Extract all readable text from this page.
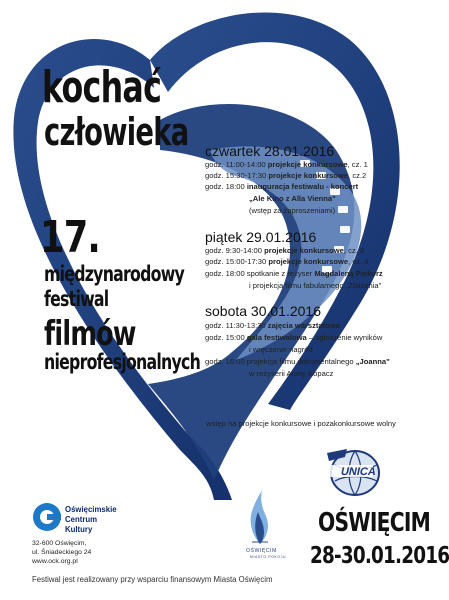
kochać
człowieka
17.
międzynarodowy
festiwal
filmów
nieprofesjonalnych
czwartek 28.01.2016
godz. 11:00-14:00 projekcje konkursowe, cz. 1
godz. 15:30-17:30 projekcje konkursowe, cz.2
godz. 18:00 inauguracja festiwalu - koncert
„Ale Kino z Alla Vienna"
(wstęp za zaproszeniami)
piątek 29.01.2016
godz. 9:30-14:00 projekcje konkursowe, cz. 3
godz. 15:00-17:30 projekcje konkursowe, cz. 4
godz. 18:00 spotkanie z reżyser Magdaleną Piekorz
i projekcja filmu fabularnego „Zbliżenia"
sobota 30.01.2016
godz. 11:30-13:30 zajęcia warsztatowe
godz. 15:00 gala festiwalowa – ogłoszenie wyników
i wręczenie nagród
godz. 16:00 projekcja filmu dokumentalnego „Joanna"
w reżyserii Anety Kopacz
wstęp na projekcje konkursowe i pozakonkursowe wolny
Oświęcimskie
Centrum
Kultury
32-600 Oświęcim,
ul. Śniadeckiego 24
www.ock.org.pl
OŚWIĘCIM
MIASTO POKOJU
UNICA
OŚWIĘCIM
28-30.01.2016
Festiwal jest realizowany przy wsparciu finansowym Miasta Oświęcim
